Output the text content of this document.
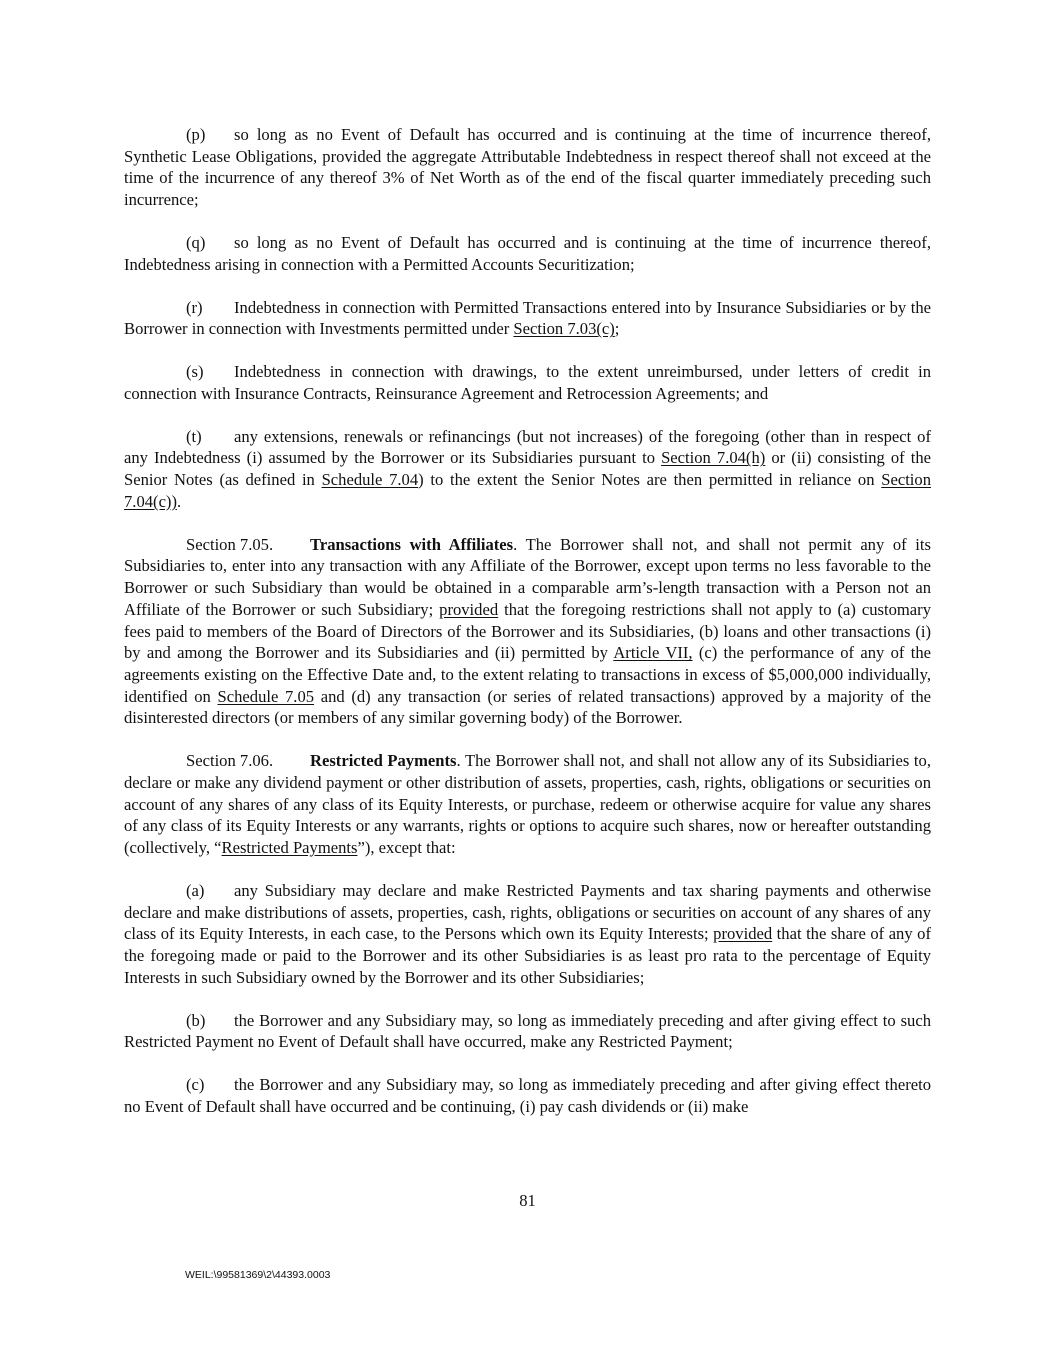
(p) so long as no Event of Default has occurred and is continuing at the time of incurrence thereof, Synthetic Lease Obligations, provided the aggregate Attributable Indebtedness in respect thereof shall not exceed at the time of the incurrence of any thereof 3% of Net Worth as of the end of the fiscal quarter immediately preceding such incurrence;

(q) so long as no Event of Default has occurred and is continuing at the time of incurrence thereof, Indebtedness arising in connection with a Permitted Accounts Securitization;

(r) Indebtedness in connection with Permitted Transactions entered into by Insurance Subsidiaries or by the Borrower in connection with Investments permitted under Section 7.03(c);

(s) Indebtedness in connection with drawings, to the extent unreimbursed, under letters of credit in connection with Insurance Contracts, Reinsurance Agreement and Retrocession Agreements; and

(t) any extensions, renewals or refinancings (but not increases) of the foregoing (other than in respect of any Indebtedness (i) assumed by the Borrower or its Subsidiaries pursuant to Section 7.04(h) or (ii) consisting of the Senior Notes (as defined in Schedule 7.04) to the extent the Senior Notes are then permitted in reliance on Section 7.04(c)).

Section 7.05. Transactions with Affiliates. The Borrower shall not, and shall not permit any of its Subsidiaries to, enter into any transaction with any Affiliate of the Borrower, except upon terms no less favorable to the Borrower or such Subsidiary than would be obtained in a comparable arm’s-length transaction with a Person not an Affiliate of the Borrower or such Subsidiary; provided that the foregoing restrictions shall not apply to (a) customary fees paid to members of the Board of Directors of the Borrower and its Subsidiaries, (b) loans and other transactions (i) by and among the Borrower and its Subsidiaries and (ii) permitted by Article VII, (c) the performance of any of the agreements existing on the Effective Date and, to the extent relating to transactions in excess of $5,000,000 individually, identified on Schedule 7.05 and (d) any transaction (or series of related transactions) approved by a majority of the disinterested directors (or members of any similar governing body) of the Borrower.

Section 7.06. Restricted Payments. The Borrower shall not, and shall not allow any of its Subsidiaries to, declare or make any dividend payment or other distribution of assets, properties, cash, rights, obligations or securities on account of any shares of any class of its Equity Interests, or purchase, redeem or otherwise acquire for value any shares of any class of its Equity Interests or any warrants, rights or options to acquire such shares, now or hereafter outstanding (collectively, “Restricted Payments”), except that:

(a) any Subsidiary may declare and make Restricted Payments and tax sharing payments and otherwise declare and make distributions of assets, properties, cash, rights, obligations or securities on account of any shares of any class of its Equity Interests, in each case, to the Persons which own its Equity Interests; provided that the share of any of the foregoing made or paid to the Borrower and its other Subsidiaries is as least pro rata to the percentage of Equity Interests in such Subsidiary owned by the Borrower and its other Subsidiaries;

(b) the Borrower and any Subsidiary may, so long as immediately preceding and after giving effect to such Restricted Payment no Event of Default shall have occurred, make any Restricted Payment;

(c) the Borrower and any Subsidiary may, so long as immediately preceding and after giving effect thereto no Event of Default shall have occurred and be continuing, (i) pay cash dividends or (ii) make

81
WEIL:\99581369\2\44393.0003
